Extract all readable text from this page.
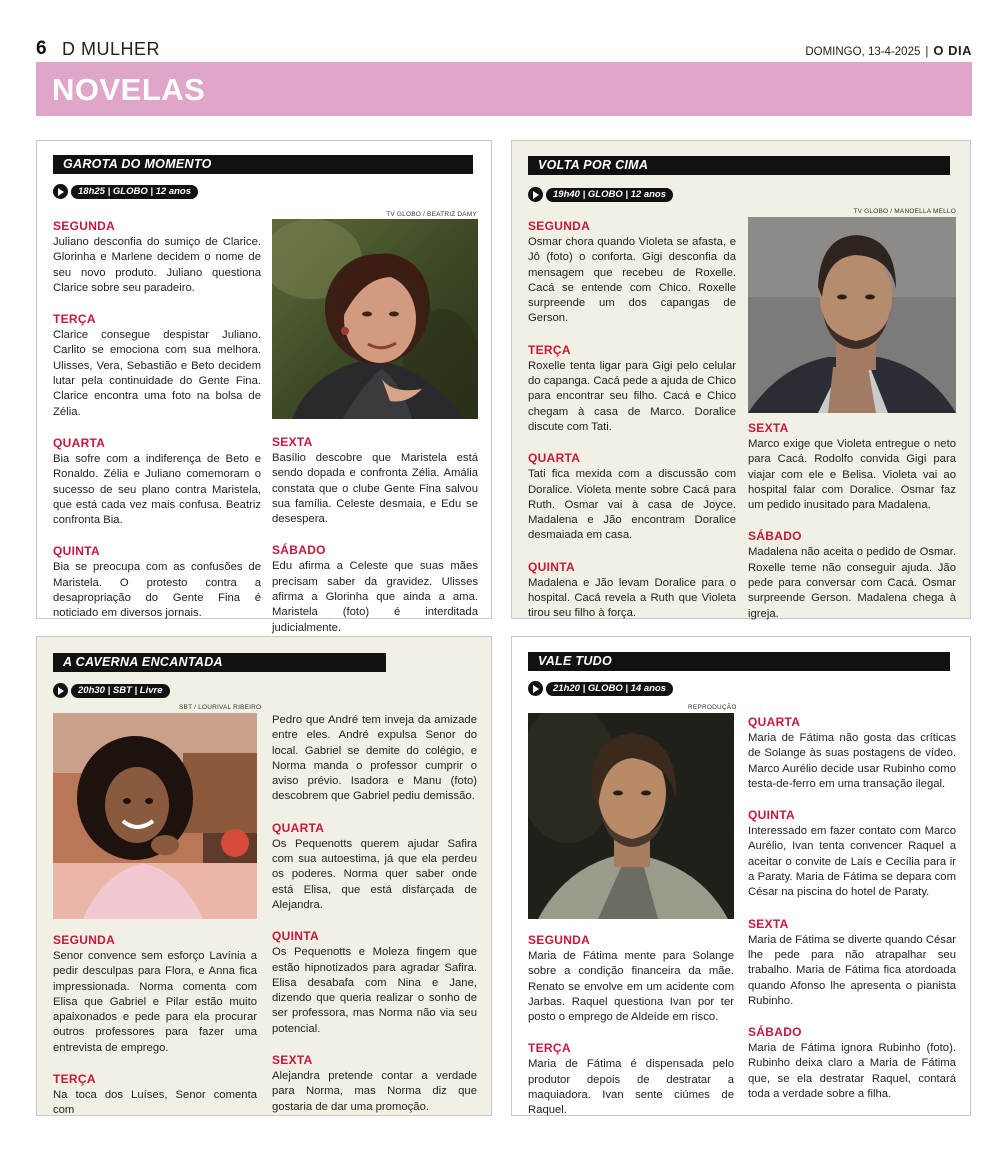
6 D MULHER	DOMINGO, 13-4-2025 | O DIA
NOVELAS
GAROTA DO MOMENTO
18h25 | GLOBO | 12 anos
TV GLOBO / BEATRIZ DAMY
SEGUNDA
Juliano desconfia do sumiço de Clarice. Glorinha e Marlene decidem o nome de seu novo produto. Juliano questiona Clarice sobre seu paradeiro.
TERÇA
Clarice consegue despistar Juliano. Carlito se emociona com sua melhora. Ulisses, Vera, Sebastião e Beto decidem lutar pela continuidade do Gente Fina. Clarice encontra uma foto na bolsa de Zélia.
QUARTA
Bia sofre com a indiferença de Beto e Ronaldo. Zélia e Juliano comemoram o sucesso de seu plano contra Maristela, que está cada vez mais confusa. Beatriz confronta Bia.
QUINTA
Bia se preocupa com as confusões de Maristela. O protesto contra a desapropriação do Gente Fina é noticiado em diversos jornais.
SEXTA
Basílio descobre que Maristela está sendo dopada e confronta Zélia. Amália constata que o clube Gente Fina salvou sua família. Celeste desmaia, e Edu se desespera.
SÁBADO
Edu afirma a Celeste que suas mães precisam saber da gravidez. Ulisses afirma a Glorinha que ainda a ama. Maristela (foto) é interditada judicialmente.
VOLTA POR CIMA
19h40 | GLOBO | 12 anos
TV GLOBO / MANOELLA MELLO
SEGUNDA
Osmar chora quando Violeta se afasta, e Jô (foto) o conforta. Gigi desconfia da mensagem que recebeu de Roxelle. Cacá se entende com Chico. Roxelle surpreende um dos capangas de Gerson.
TERÇA
Roxelle tenta ligar para Gigi pelo celular do capanga. Cacá pede a ajuda de Chico para encontrar seu filho. Cacá e Chico chegam à casa de Marco. Doralice discute com Tati.
QUARTA
Tati fica mexida com a discussão com Doralice. Violeta mente sobre Cacá para Ruth. Osmar vai à casa de Joyce. Madalena e Jão encontram Doralice desmaiada em casa.
QUINTA
Madalena e Jão levam Doralice para o hospital. Cacá revela a Ruth que Violeta tirou seu filho à força.
SEXTA
Marco exige que Violeta entregue o neto para Cacá. Rodolfo convida Gigi para viajar com ele e Belisa. Violeta vai ao hospital falar com Doralice. Osmar faz um pedido inusitado para Madalena.
SÁBADO
Madalena não aceita o pedido de Osmar. Roxelle teme não conseguir ajuda. Jão pede para conversar com Cacá. Osmar surpreende Gerson. Madalena chega à igreja.
A CAVERNA ENCANTADA
20h30 | SBT | Livre
SBT / LOURIVAL RIBEIRO
SEGUNDA
Senor convence sem esforço Lavínia a pedir desculpas para Flora, e Anna fica impressionada. Norma comenta com Elisa que Gabriel e Pilar estão muito apaixonados e pede para ela procurar outros professores para fazer uma entrevista de emprego.
TERÇA
Na toca dos Luíses, Senor comenta com
Pedro que André tem inveja da amizade entre eles. André expulsa Senor do local. Gabriel se demite do colégio, e Norma manda o professor cumprir o aviso prévio. Isadora e Manu (foto) descobrem que Gabriel pediu demissão.
QUARTA
Os Pequenotts querem ajudar Safira com sua autoestima, já que ela perdeu os poderes. Norma quer saber onde está Elisa, que está disfarçada de Alejandra.
QUINTA
Os Pequenotts e Moleza fingem que estão hipnotizados para agradar Safira. Elisa desabafa com Nina e Jane, dizendo que queria realizar o sonho de ser professora, mas Norma não via seu potencial.
SEXTA
Alejandra pretende contar a verdade para Norma, mas Norma diz que gostaria de dar uma promoção.
VALE TUDO
21h20 | GLOBO | 14 anos
REPRODUÇÃO
SEGUNDA
Maria de Fátima mente para Solange sobre a condição financeira da mãe. Renato se envolve em um acidente com Jarbas. Raquel questiona Ivan por ter posto o emprego de Aldeíde em risco.
TERÇA
Maria de Fátima é dispensada pelo produtor depois de destratar a maquiadora. Ivan sente ciúmes de Raquel.
QUARTA
Maria de Fátima não gosta das críticas de Solange às suas postagens de vídeo. Marco Aurélio decide usar Rubinho como testa-de-ferro em uma transação ilegal.
QUINTA
Interessado em fazer contato com Marco Aurélio, Ivan tenta convencer Raquel a aceitar o convite de Laís e Cecília para ir a Paraty. Maria de Fátima se depara com César na piscina do hotel de Paraty.
SEXTA
Maria de Fátima se diverte quando César lhe pede para não atrapalhar seu trabalho. Maria de Fátima fica atordoada quando Afonso lhe apresenta o pianista Rubinho.
SÁBADO
Maria de Fátima ignora Rubinho (foto). Rubinho deixa claro a Maria de Fátima que, se ela destratar Raquel, contará toda a verdade sobre a filha.
